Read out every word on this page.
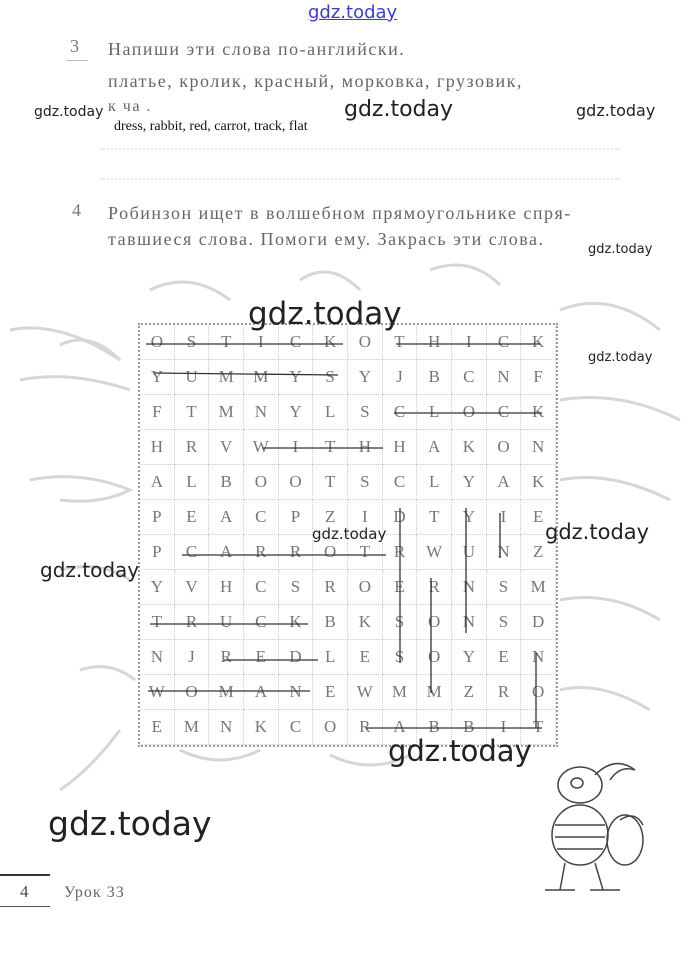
gdz.today
3 Напиши эти слова по-английски.
платье, кролик, красный, морковка, грузовик,
к ча .
gdz.today	gdz.today	gdz.today
dress, rabbit, red, carrot, track, flat
4 Робинзон ищет в волшебном прямоугольнике спря-
тавшиеся слова. Помоги ему. Закрась эти слова.
gdz.today
O	S	T	I	C	K	O	T	H	I	C	K
Y	U	M	M	Y	S	Y	J	B	C	N	F
F	T	M	N	Y	L	S	C	L	O	C	K
H	R	V	W	I	T	H	H	A	K	O	N
A	L	B	O	O	T	S	C	L	Y	A	K
P	E	A	C	P	Z	I	D	T	Y	I	E
P	C	A	R	R	O	T	R	W	U	N	Z
Y	V	H	C	S	R	O	E	R	N	S	M
T	R	U	C	K	B	K	S	O	N	S	D
N	J	R	E	D	L	E	S	O	Y	E	N
W	O	M	A	N	E	W	M	M	Z	R	O
E	M	N	K	C	O	R	A	B	B	I	T
gdz.today
gdz.today
gdz.today
gdz.today
gdz.today
gdz.today
gdz.today
4 Урок 33
